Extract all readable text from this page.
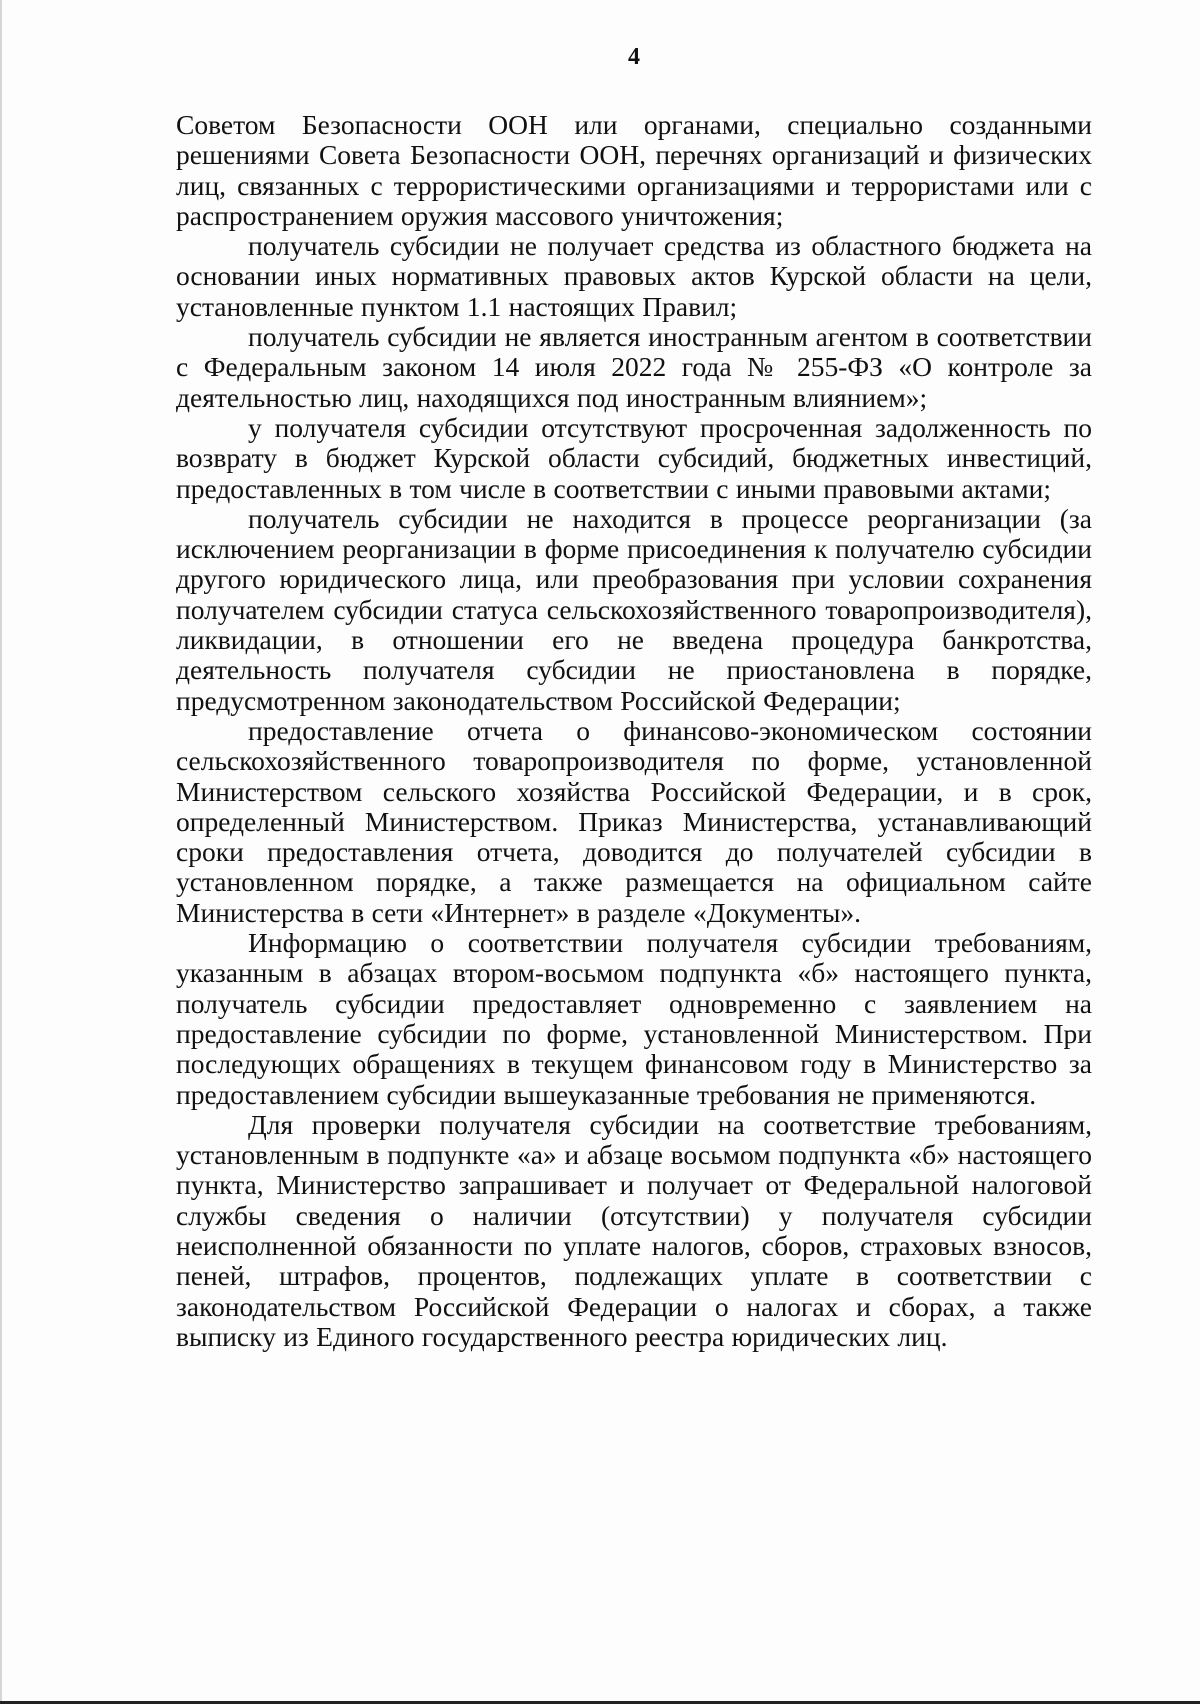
4

Советом Безопасности ООН или органами, специально созданными решениями Совета Безопасности ООН, перечнях организаций и физических лиц, связанных с террористическими организациями и террористами или с распространением оружия массового уничтожения;

получатель субсидии не получает средства из областного бюджета на основании иных нормативных правовых актов Курской области на цели, установленные пунктом 1.1 настоящих Правил;

получатель субсидии не является иностранным агентом в соответствии с Федеральным законом 14 июля 2022 года № 255-ФЗ «О контроле за деятельностью лиц, находящихся под иностранным влиянием»;

у получателя субсидии отсутствуют просроченная задолженность по возврату в бюджет Курской области субсидий, бюджетных инвестиций, предоставленных в том числе в соответствии с иными правовыми актами;

получатель субсидии не находится в процессе реорганизации (за исключением реорганизации в форме присоединения к получателю субсидии другого юридического лица, или преобразования при условии сохранения получателем субсидии статуса сельскохозяйственного товаропроизводителя), ликвидации, в отношении его не введена процедура банкротства, деятельность получателя субсидии не приостановлена в порядке, предусмотренном законодательством Российской Федерации;

предоставление отчета о финансово-экономическом состоянии сельскохозяйственного товаропроизводителя по форме, установленной Министерством сельского хозяйства Российской Федерации, и в срок, определенный Министерством. Приказ Министерства, устанавливающий сроки предоставления отчета, доводится до получателей субсидии в установленном порядке, а также размещается на официальном сайте Министерства в сети «Интернет» в разделе «Документы».

Информацию о соответствии получателя субсидии требованиям, указанным в абзацах втором-восьмом подпункта «б» настоящего пункта, получатель субсидии предоставляет одновременно с заявлением на предоставление субсидии по форме, установленной Министерством. При последующих обращениях в текущем финансовом году в Министерство за предоставлением субсидии вышеуказанные требования не применяются.

Для проверки получателя субсидии на соответствие требованиям, установленным в подпункте «а» и абзаце восьмом подпункта «б» настоящего пункта, Министерство запрашивает и получает от Федеральной налоговой службы сведения о наличии (отсутствии) у получателя субсидии неисполненной обязанности по уплате налогов, сборов, страховых взносов, пеней, штрафов, процентов, подлежащих уплате в соответствии с законодательством Российской Федерации о налогах и сборах, а также выписку из Единого государственного реестра юридических лиц.
